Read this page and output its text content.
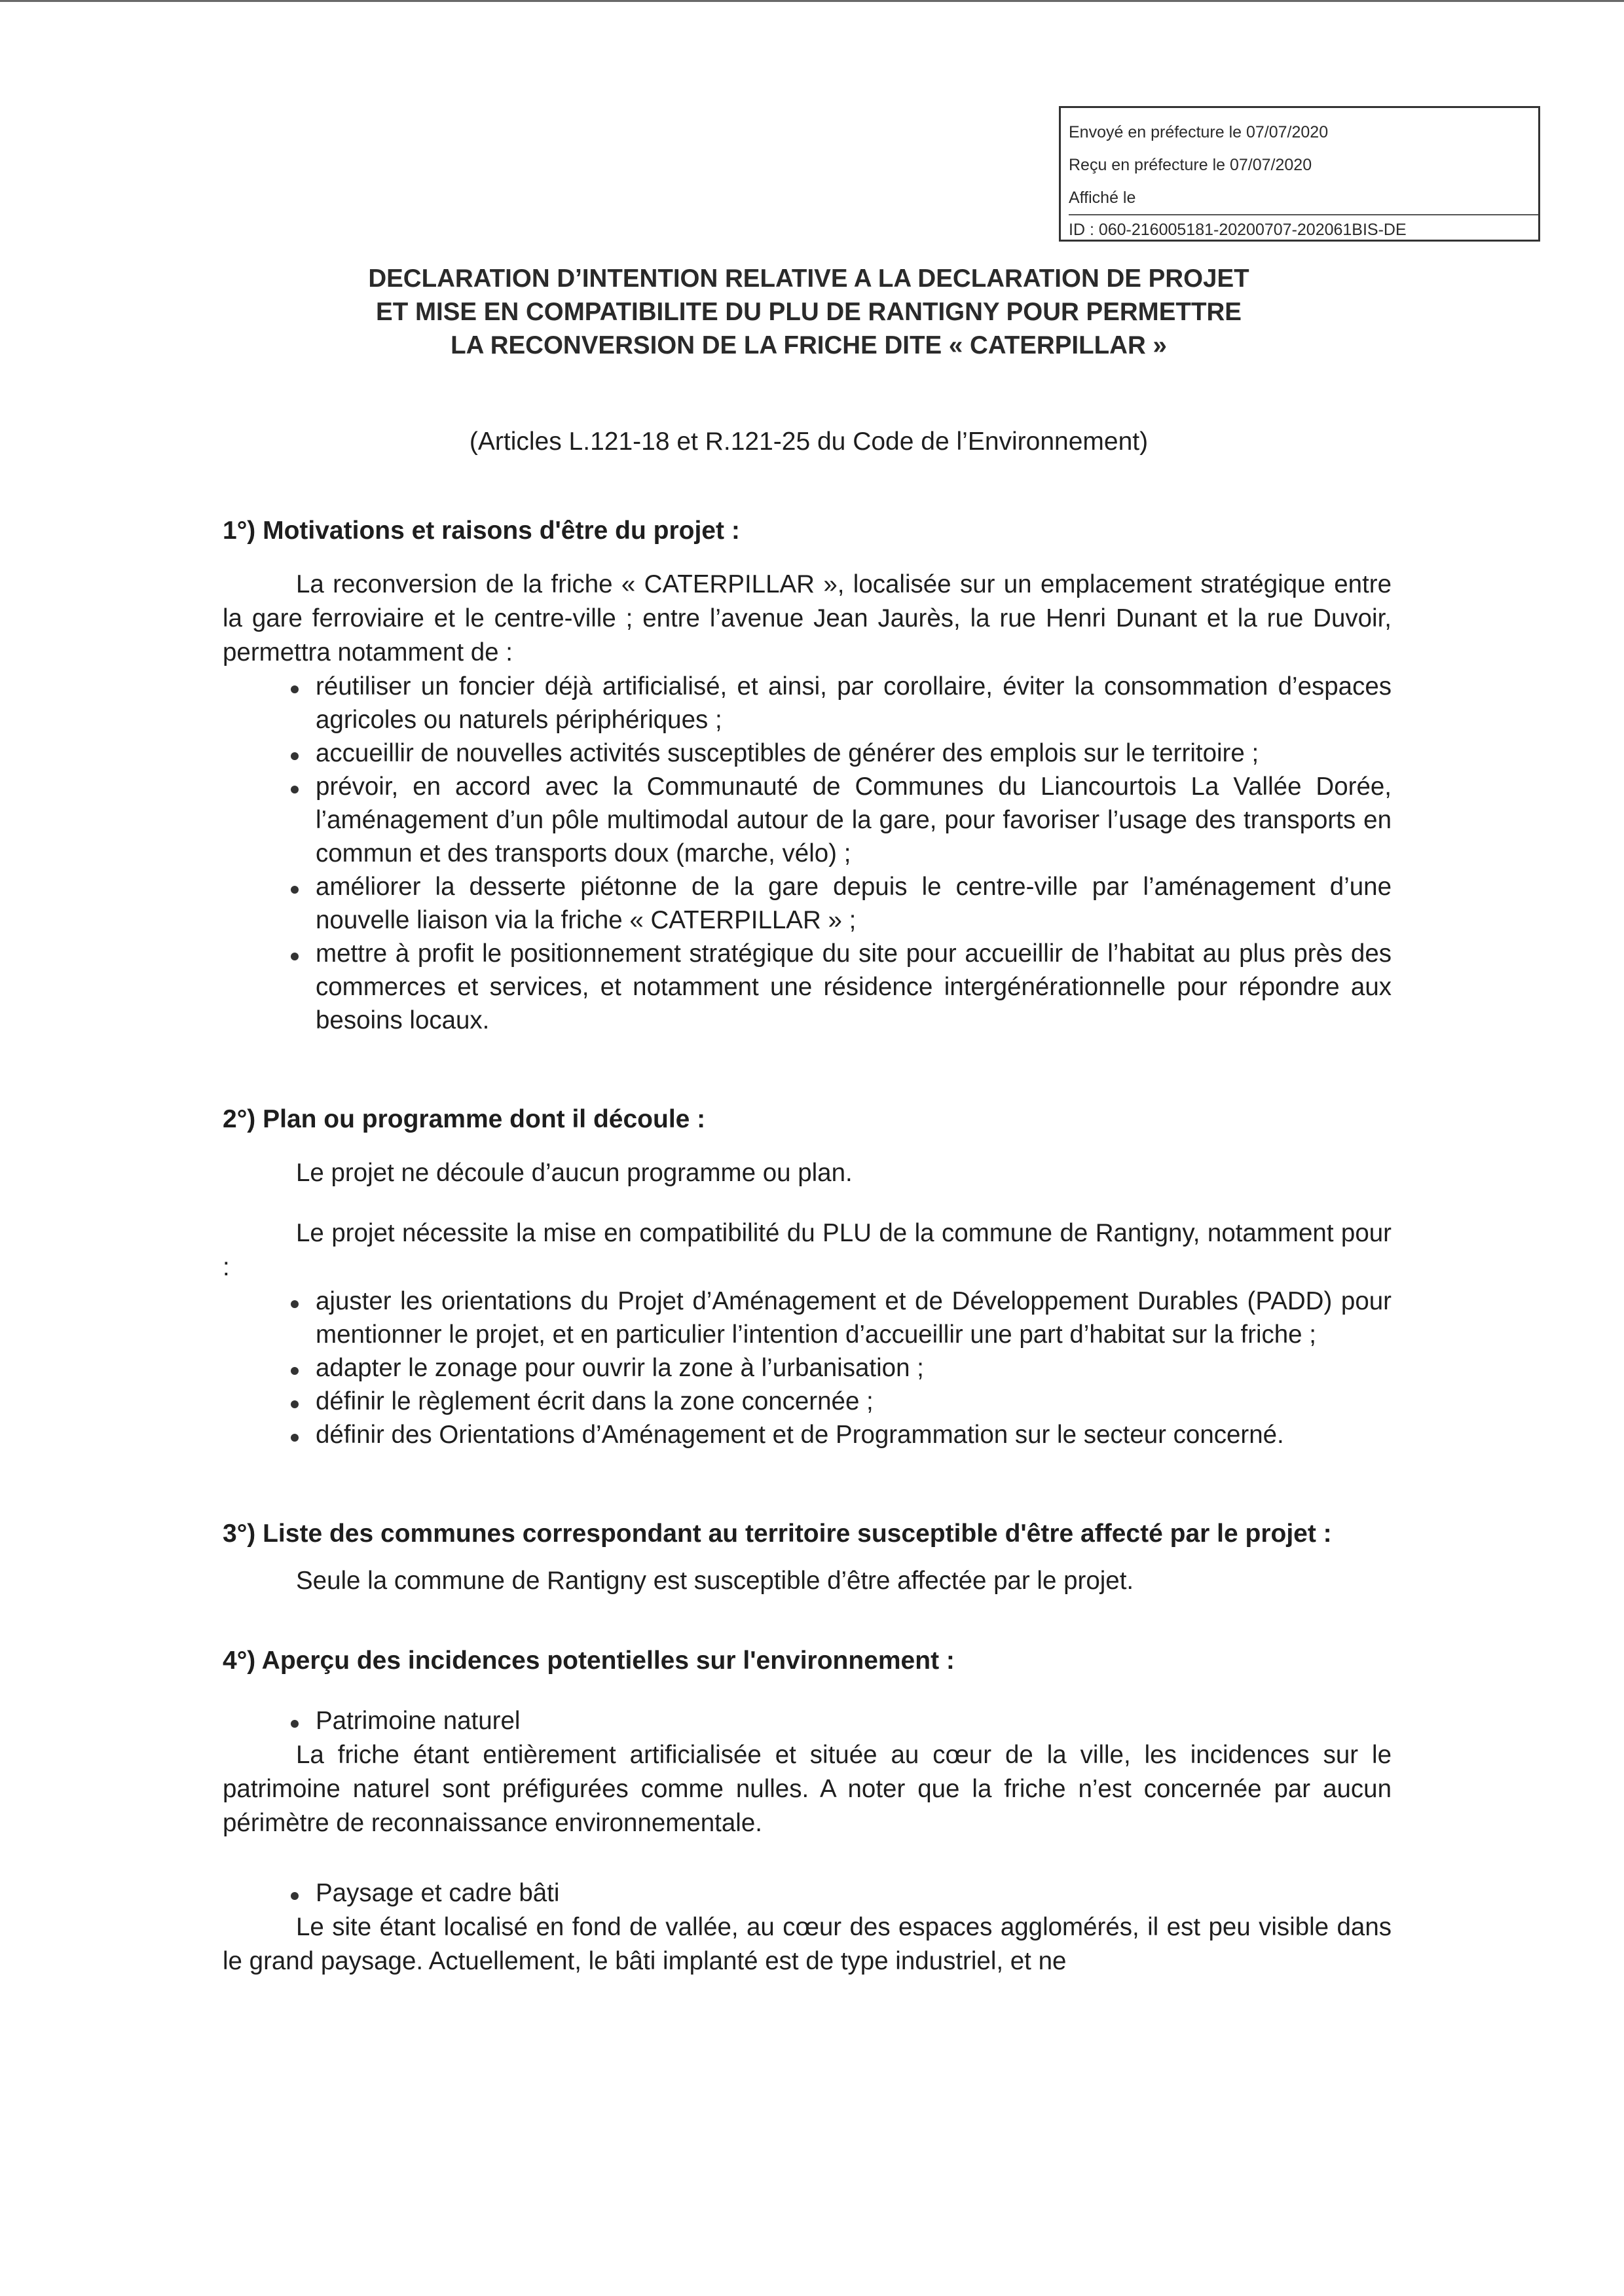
Envoyé en préfecture le 07/07/2020
Reçu en préfecture le 07/07/2020
Affiché le
ID : 060-216005181-20200707-202061BIS-DE
DECLARATION D’INTENTION RELATIVE A LA DECLARATION DE PROJET
ET MISE EN COMPATIBILITE DU PLU DE RANTIGNY POUR PERMETTRE
LA RECONVERSION DE LA FRICHE DITE « CATERPILLAR »

(Articles L.121-18 et R.121-25 du Code de l’Environnement)

1°) Motivations et raisons d'être du projet :

La reconversion de la friche « CATERPILLAR », localisée sur un emplacement stratégique entre la gare ferroviaire et le centre-ville ; entre l’avenue Jean Jaurès, la rue Henri Dunant et la rue Duvoir, permettra notamment de :

réutiliser un foncier déjà artificialisé, et ainsi, par corollaire, éviter la consommation d’espaces agricoles ou naturels périphériques ;
accueillir de nouvelles activités susceptibles de générer des emplois sur le territoire ;
prévoir, en accord avec la Communauté de Communes du Liancourtois La Vallée Dorée, l’aménagement d’un pôle multimodal autour de la gare, pour favoriser l’usage des transports en commun et des transports doux (marche, vélo) ;
améliorer la desserte piétonne de la gare depuis le centre-ville par l’aménagement d’une nouvelle liaison via la friche « CATERPILLAR » ;
mettre à profit le positionnement stratégique du site pour accueillir de l’habitat au plus près des commerces et services, et notamment une résidence intergénérationnelle pour répondre aux besoins locaux.
2°) Plan ou programme dont il découle :

Le projet ne découle d’aucun programme ou plan.

Le projet nécessite la mise en compatibilité du PLU de la commune de Rantigny, notamment pour :

ajuster les orientations du Projet d’Aménagement et de Développement Durables (PADD) pour mentionner le projet, et en particulier l’intention d’accueillir une part d’habitat sur la friche ;
adapter le zonage pour ouvrir la zone à l’urbanisation ;
définir le règlement écrit dans la zone concernée ;
définir des Orientations d’Aménagement et de Programmation sur le secteur concerné.
3°) Liste des communes correspondant au territoire susceptible d'être affecté par le projet :

Seule la commune de Rantigny est susceptible d’être affectée par le projet.

4°) Aperçu des incidences potentielles sur l'environnement :

Patrimoine naturel

La friche étant entièrement artificialisée et située au cœur de la ville, les incidences sur le patrimoine naturel sont préfigurées comme nulles. A noter que la friche n’est concernée par aucun périmètre de reconnaissance environnementale.

Paysage et cadre bâti

Le site étant localisé en fond de vallée, au cœur des espaces agglomérés, il est peu visible dans le grand paysage. Actuellement, le bâti implanté est de type industriel, et ne
